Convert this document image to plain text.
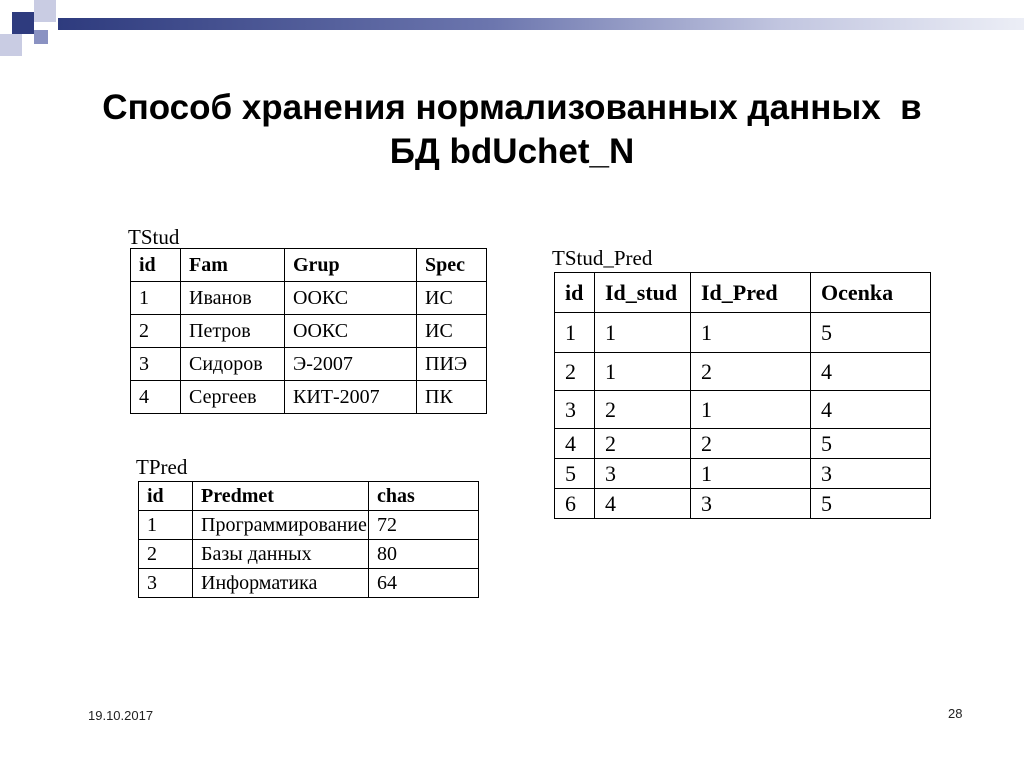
Способ хранения нормализованных данных  в
БД bdUchet_N
TStud
id	Fam	Grup	Spec
1	Иванов	ООКС	ИС
2	Петров	ООКС	ИС
3	Сидоров	Э-2007	ПИЭ
4	Сергеев	КИТ-2007	ПК
TPred
id	Predmet	chas
1	Программирование	72
2	Базы данных	80
3	Информатика	64
TStud_Pred
id	Id_stud	Id_Pred	Ocenka
1	1	1	5
2	1	2	4
3	2	1	4
4	2	2	5
5	3	1	3
6	4	3	5
19.10.2017	28
